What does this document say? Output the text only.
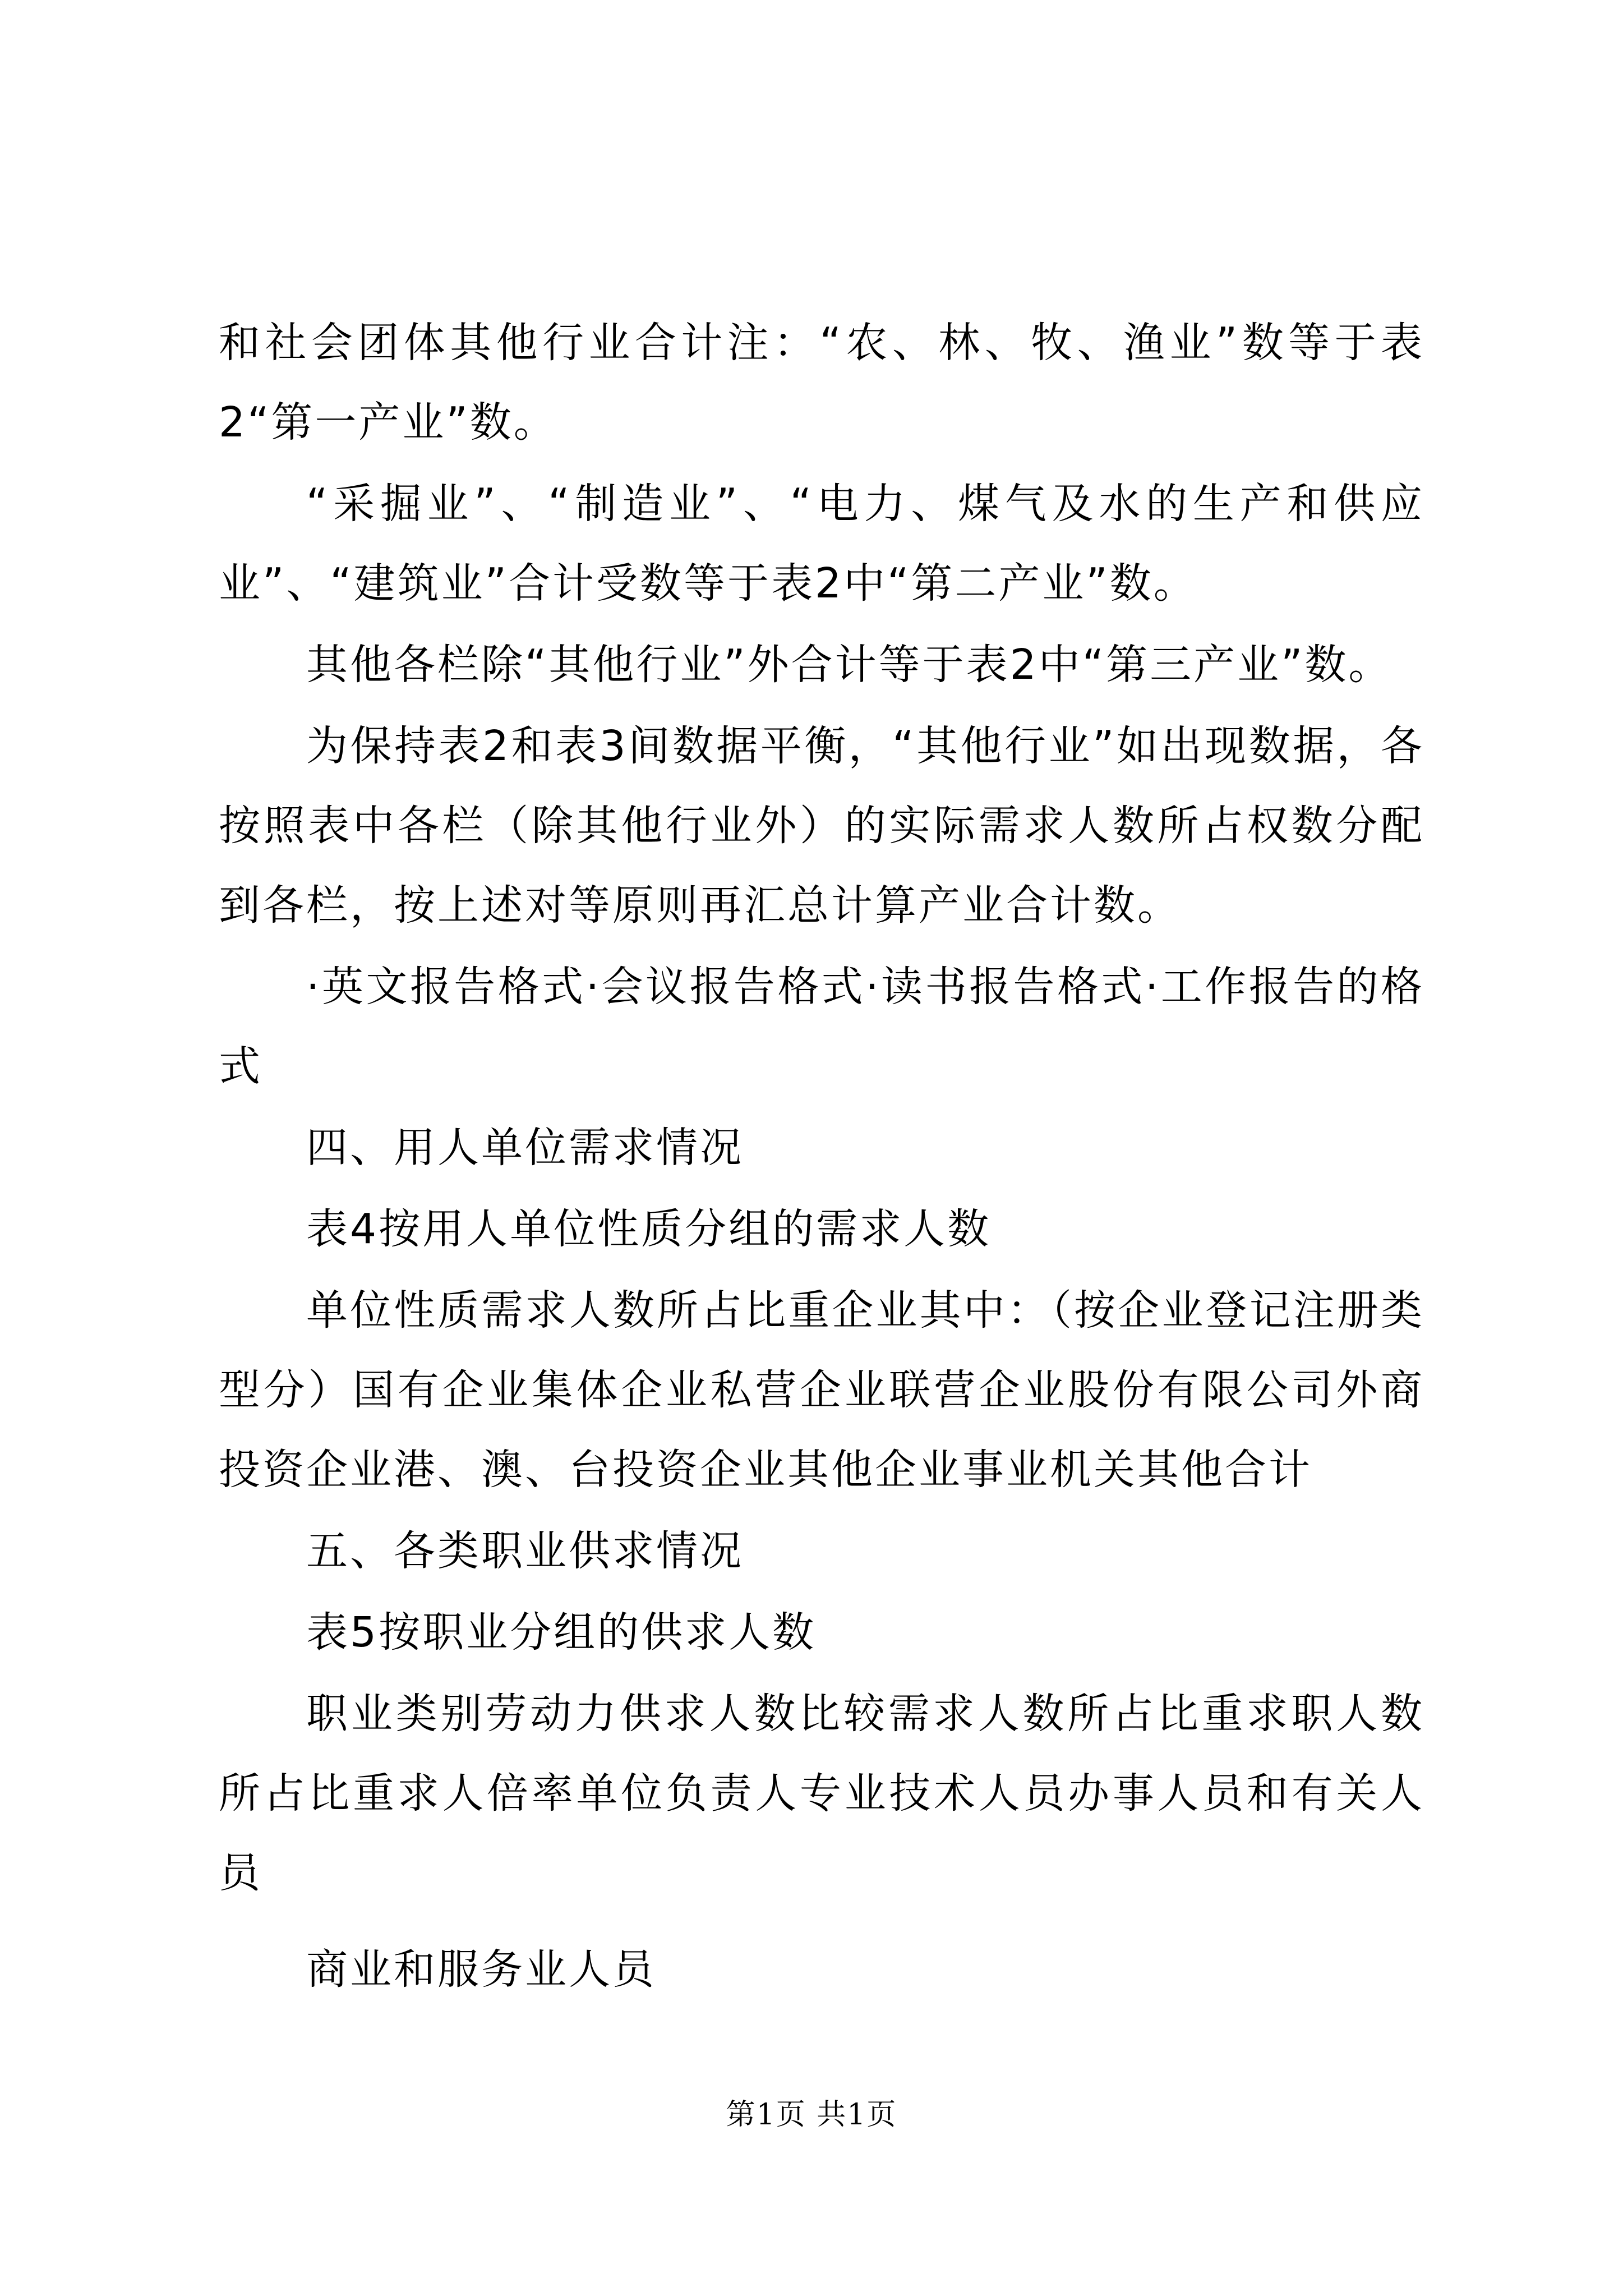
和社会团体其他行业合计注：“农、林、牧、渔业”数等于表2“第一产业”数。

“采掘业”、“制造业”、“电力、煤气及水的生产和供应业”、“建筑业”合计受数等于表2中“第二产业”数。

其他各栏除“其他行业”外合计等于表2中“第三产业”数。

为保持表2和表3间数据平衡，“其他行业”如出现数据，各按照表中各栏（除其他行业外）的实际需求人数所占权数分配到各栏，按上述对等原则再汇总计算产业合计数。

·英文报告格式·会议报告格式·读书报告格式·工作报告的格式

四、用人单位需求情况

表4按用人单位性质分组的需求人数

单位性质需求人数所占比重企业其中：（按企业登记注册类型分）国有企业集体企业私营企业联营企业股份有限公司外商投资企业港、澳、台投资企业其他企业事业机关其他合计

五、各类职业供求情况

表5按职业分组的供求人数

职业类别劳动力供求人数比较需求人数所占比重求职人数所占比重求人倍率单位负责人专业技术人员办事人员和有关人员

商业和服务业人员

第1页 共1页
